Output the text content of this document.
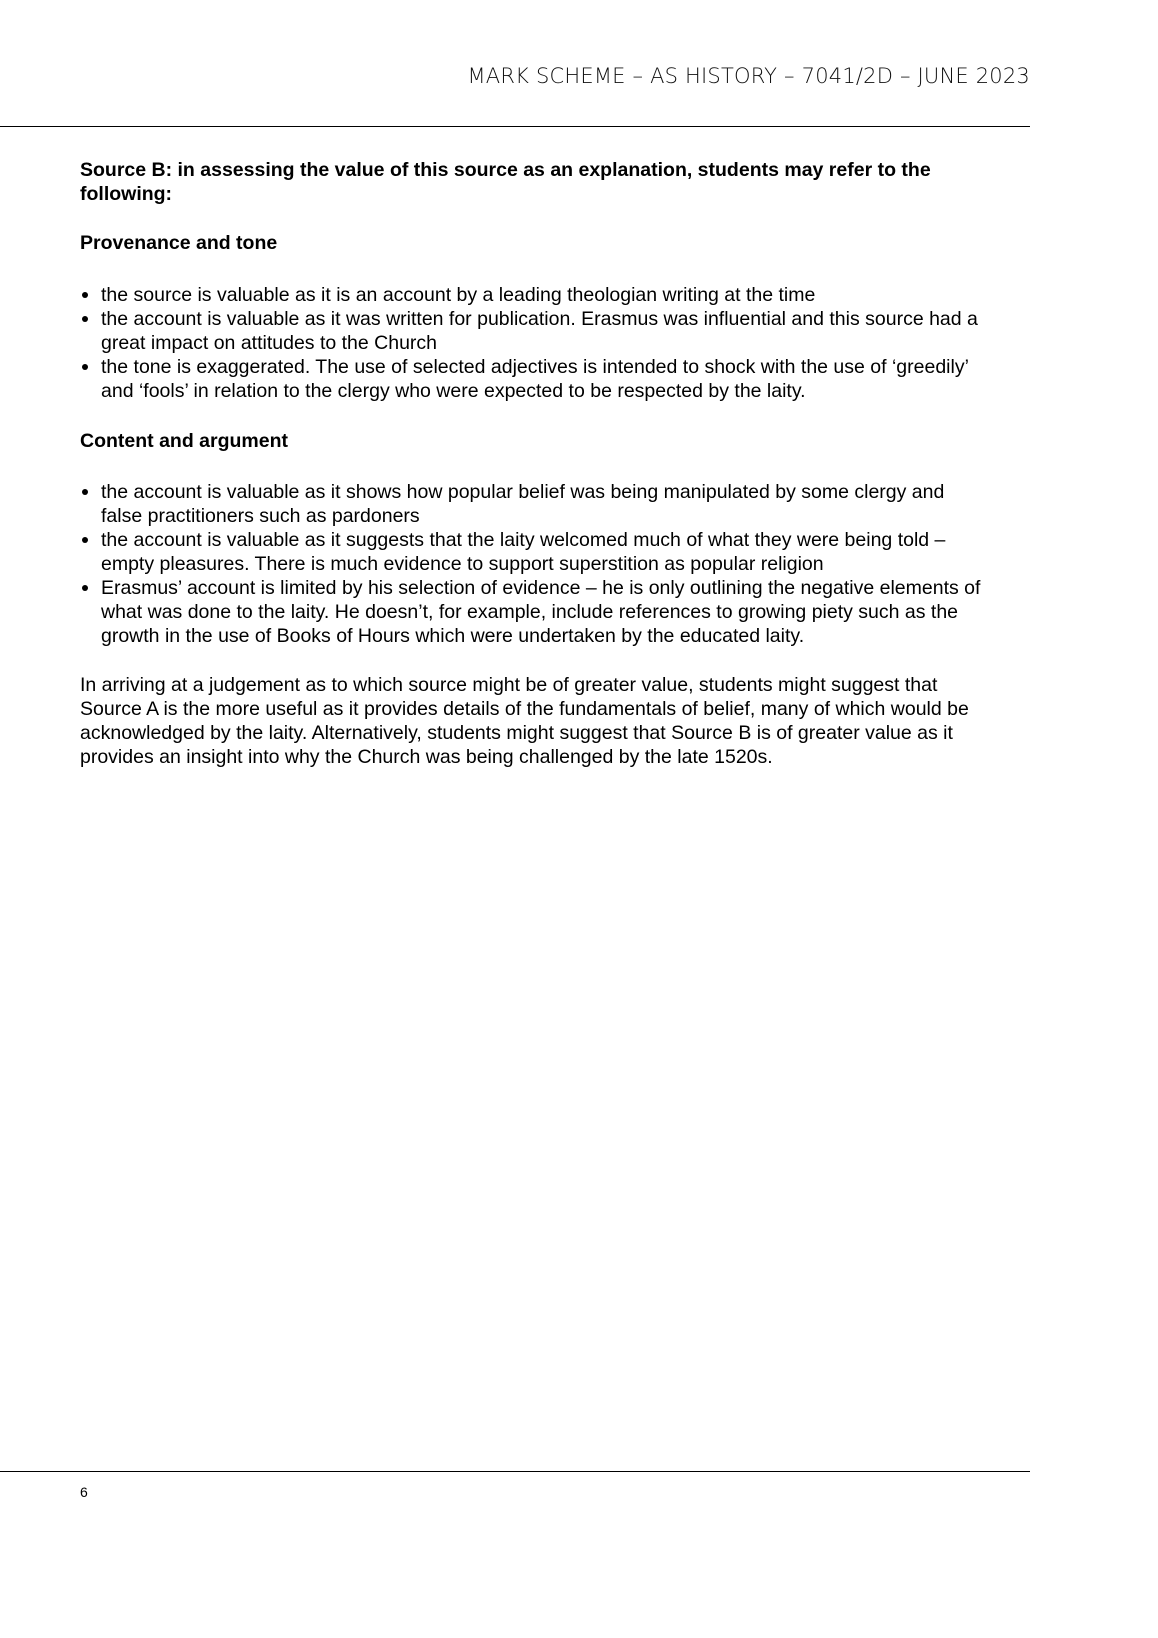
MARK SCHEME – AS HISTORY – 7041/2D – JUNE 2023
Source B: in assessing the value of this source as an explanation, students may refer to the
following:
Provenance and tone
the source is valuable as it is an account by a leading theologian writing at the time
the account is valuable as it was written for publication. Erasmus was influential and this source had a
great impact on attitudes to the Church
the tone is exaggerated. The use of selected adjectives is intended to shock with the use of ‘greedily’
and ‘fools’ in relation to the clergy who were expected to be respected by the laity.
Content and argument
the account is valuable as it shows how popular belief was being manipulated by some clergy and
false practitioners such as pardoners
the account is valuable as it suggests that the laity welcomed much of what they were being told –
empty pleasures. There is much evidence to support superstition as popular religion
Erasmus’ account is limited by his selection of evidence – he is only outlining the negative elements of
what was done to the laity. He doesn’t, for example, include references to growing piety such as the
growth in the use of Books of Hours which were undertaken by the educated laity.
In arriving at a judgement as to which source might be of greater value, students might suggest that
Source A is the more useful as it provides details of the fundamentals of belief, many of which would be
acknowledged by the laity. Alternatively, students might suggest that Source B is of greater value as it
provides an insight into why the Church was being challenged by the late 1520s.
6
